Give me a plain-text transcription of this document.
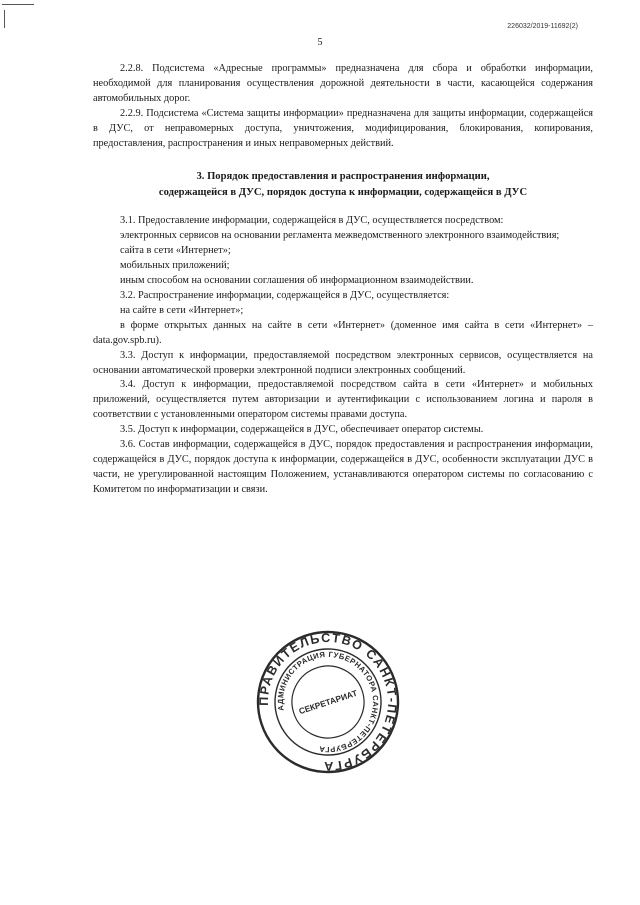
226032/2019-11692(2)
5

2.2.8. Подсистема «Адресные программы» предназначена для сбора и обработки информации, необходимой для планирования осуществления дорожной деятельности в части, касающейся содержания автомобильных дорог.

2.2.9. Подсистема «Система защиты информации» предназначена для защиты информации, содержащейся в ДУС, от неправомерных доступа, уничтожения, модифицирования, блокирования, копирования, предоставления, распространения и иных неправомерных действий.

3. Порядок предоставления и распространения информации,
содержащейся в ДУС, порядок доступа к информации, содержащейся в ДУС

3.1. Предоставление информации, содержащейся в ДУС, осуществляется посредством:

электронных сервисов на основании регламента межведомственного электронного взаимодействия;

сайта в сети «Интернет»;

мобильных приложений;

иным способом на основании соглашения об информационном взаимодействии.

3.2. Распространение информации, содержащейся в ДУС, осуществляется:

на сайте в сети «Интернет»;

в форме открытых данных на сайте в сети «Интернет» (доменное имя сайта в сети «Интернет» – data.gov.spb.ru).

3.3. Доступ к информации, предоставляемой посредством электронных сервисов, осуществляется на основании автоматической проверки электронной подписи электронных сообщений.

3.4. Доступ к информации, предоставляемой посредством сайта в сети «Интернет» и мобильных приложений, осуществляется путем авторизации и аутентификации с использованием логина и пароля в соответствии с установленными оператором системы правами доступа.

3.5. Доступ к информации, содержащейся в ДУС, обеспечивает оператор системы.

3.6. Состав информации, содержащейся в ДУС, порядок предоставления и распространения информации, содержащейся в ДУС, порядок доступа к информации, содержащейся в ДУС, особенности эксплуатации ДУС в части, не урегулированной настоящим Положением, устанавливаются оператором системы по согласованию с Комитетом по информатизации и связи.

ПРАВИТЕЛЬСТВО САНКТ-ПЕТЕРБУРГА
АДМИНИСТРАЦИЯ ГУБЕРНАТОРА САНКТ-ПЕТЕРБУРГА
СЕКРЕТАРИАТ
